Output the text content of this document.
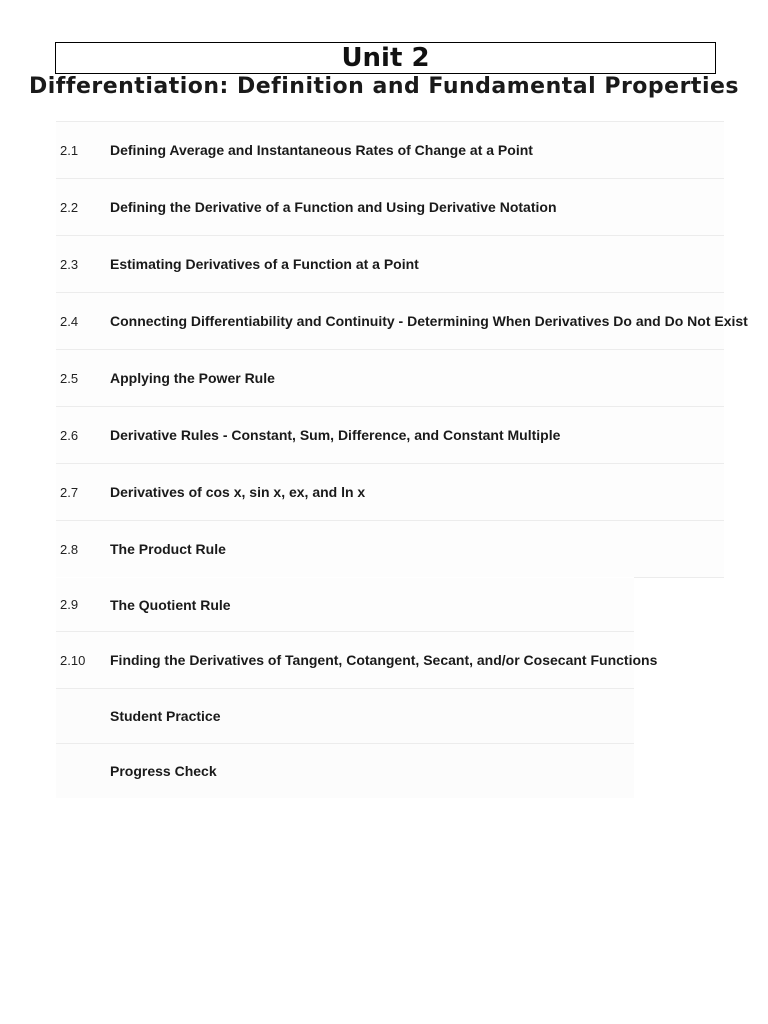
Unit 2
Differentiation: Definition and Fundamental Properties
2.1 Defining Average and Instantaneous Rates of Change at a Point
2.2 Defining the Derivative of a Function and Using Derivative Notation
2.3 Estimating Derivatives of a Function at a Point
2.4 Connecting Differentiability and Continuity - Determining When Derivatives Do and Do Not Exist
2.5 Applying the Power Rule
2.6 Derivative Rules - Constant, Sum, Difference, and Constant Multiple
2.7 Derivatives of cos x, sin x, ex, and ln x
2.8 The Product Rule
2.9 The Quotient Rule
2.10 Finding the Derivatives of Tangent, Cotangent, Secant, and/or Cosecant Functions
Student Practice
Progress Check
